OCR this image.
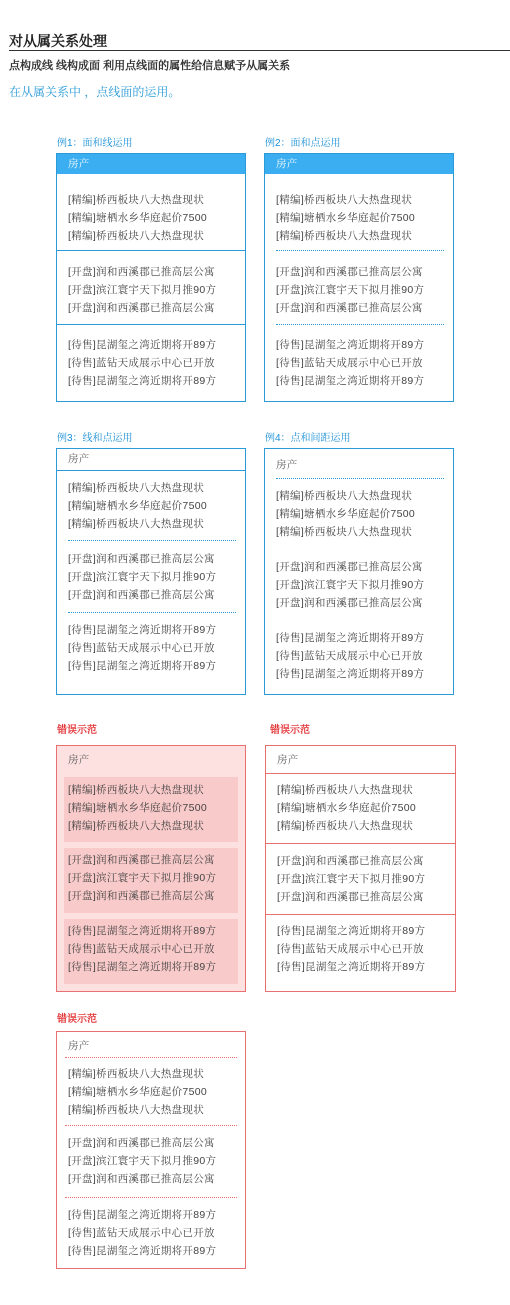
对从属关系处理

点构成线 线构成面 利用点线面的属性给信息赋予从属关系

在从属关系中 ，点线面的运用。

例1：面和线运用

房产
[精编]桥西板块八大热盘现状
[精编]塘栖水乡华庭起价7500
[精编]桥西板块八大热盘现状
[开盘]润和西溪郡已推高层公寓
[开盘]滨江寰宇天下拟月推90方
[开盘]润和西溪郡已推高层公寓
[待售]昆湖玺之湾近期将开89方
[待售]蓝钻天成展示中心已开放
[待售]昆湖玺之湾近期将开89方

例2：面和点运用

房产
[精编]桥西板块八大热盘现状
[精编]塘栖水乡华庭起价7500
[精编]桥西板块八大热盘现状
[开盘]润和西溪郡已推高层公寓
[开盘]滨江寰宇天下拟月推90方
[开盘]润和西溪郡已推高层公寓
[待售]昆湖玺之湾近期将开89方
[待售]蓝钻天成展示中心已开放
[待售]昆湖玺之湾近期将开89方

例3：线和点运用

房产
[精编]桥西板块八大热盘现状
[精编]塘栖水乡华庭起价7500
[精编]桥西板块八大热盘现状
[开盘]润和西溪郡已推高层公寓
[开盘]滨江寰宇天下拟月推90方
[开盘]润和西溪郡已推高层公寓
[待售]昆湖玺之湾近期将开89方
[待售]蓝钻天成展示中心已开放
[待售]昆湖玺之湾近期将开89方

例4：点和间距运用

房产
[精编]桥西板块八大热盘现状
[精编]塘栖水乡华庭起价7500
[精编]桥西板块八大热盘现状
[开盘]润和西溪郡已推高层公寓
[开盘]滨江寰宇天下拟月推90方
[开盘]润和西溪郡已推高层公寓
[待售]昆湖玺之湾近期将开89方
[待售]蓝钻天成展示中心已开放
[待售]昆湖玺之湾近期将开89方

错误示范

房产
[精编]桥西板块八大热盘现状
[精编]塘栖水乡华庭起价7500
[精编]桥西板块八大热盘现状
[开盘]润和西溪郡已推高层公寓
[开盘]滨江寰宇天下拟月推90方
[开盘]润和西溪郡已推高层公寓
[待售]昆湖玺之湾近期将开89方
[待售]蓝钻天成展示中心已开放
[待售]昆湖玺之湾近期将开89方

错误示范

房产
[精编]桥西板块八大热盘现状
[精编]塘栖水乡华庭起价7500
[精编]桥西板块八大热盘现状
[开盘]润和西溪郡已推高层公寓
[开盘]滨江寰宇天下拟月推90方
[开盘]润和西溪郡已推高层公寓
[待售]昆湖玺之湾近期将开89方
[待售]蓝钻天成展示中心已开放
[待售]昆湖玺之湾近期将开89方

错误示范

房产
[精编]桥西板块八大热盘现状
[精编]塘栖水乡华庭起价7500
[精编]桥西板块八大热盘现状
[开盘]润和西溪郡已推高层公寓
[开盘]滨江寰宇天下拟月推90方
[开盘]润和西溪郡已推高层公寓
[待售]昆湖玺之湾近期将开89方
[待售]蓝钻天成展示中心已开放
[待售]昆湖玺之湾近期将开89方
